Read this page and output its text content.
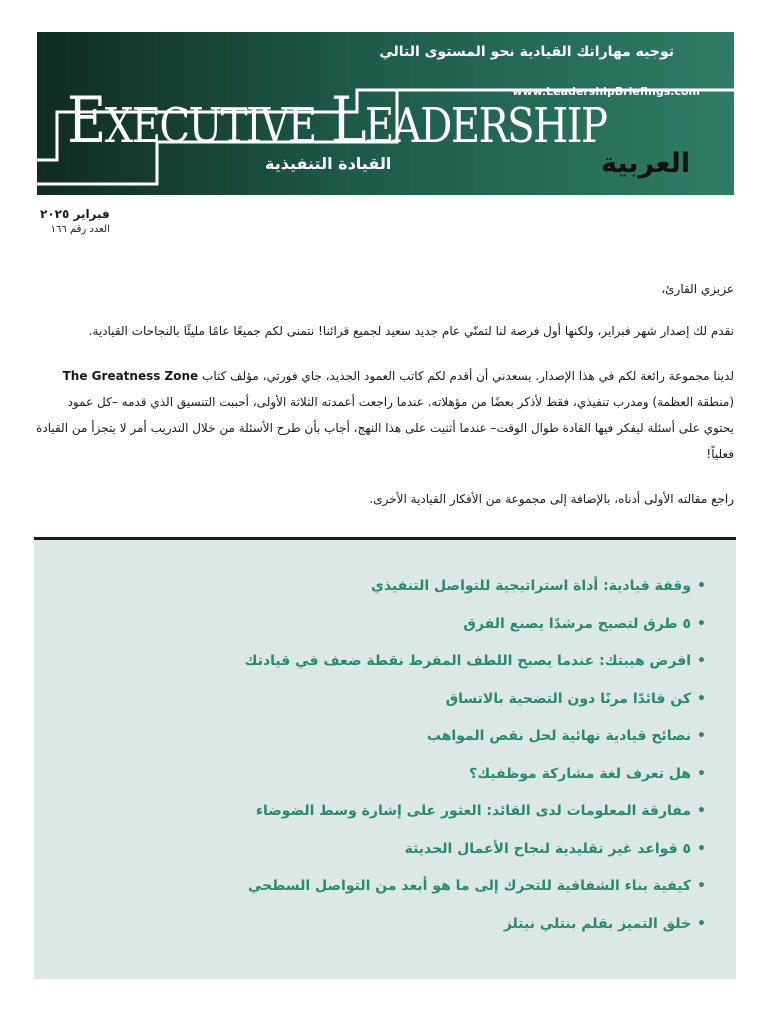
توجيه مهاراتك القيادية نحو المستوى التالي
www.LeadershipBriefings.com
EXECUTIVE LEADERSHIP
القيادة التنفيذية	العربية
فبراير ٢٠٢٥
العدد رقم ١٦٦

عزيزي القارئ،

نقدم لك إصدار شهر فبراير، ولكنها أول فرصة لنا لتمنّي عام جديد سعيد لجميع قرائنا! نتمنى لكم جميعًا عامًا مليئًا بالنجاحات القيادية.

لدينا مجموعة رائعة لكم في هذا الإصدار. يسعدني أن أقدم لكم كاتب العمود الجديد، جاي فورتي، مؤلف كتاب The Greatness Zone (منطقة العظمة) ومدرب تنفيذي، فقط لأذكر بعضًا من مؤهلاته. عندما راجعت أعمدته الثلاثة الأولى، أحببت التنسيق الذي قدمه –كل عمود يحتوي على أسئلة ليفكر فيها القادة طوال الوقت– عندما أثنيت على هذا النهج، أجاب بأن طرح الأسئلة من خلال التدريب أمر لا يتجزأ من القيادة فعلياً!

راجع مقالته الأولى أدناه، بالإضافة إلى مجموعة من الأفكار القيادية الأخرى.

•وقفة قيادية: أداة استراتيجية للتواصل التنفيذي
•٥ طرق لتصبح مرشدًا يصنع الفرق
•افرض هيبتك: عندما يصبح اللطف المفرط نقطة ضعف في قيادتك
•كن قائدًا مرنًا دون التضحية بالاتساق
•نصائح قيادية نهائية لحل نقص المواهب
•هل تعرف لغة مشاركة موظفيك؟
•مفارقة المعلومات لدى القائد: العثور على إشارة وسط الضوضاء
•٥ قواعد غير تقليدية لنجاح الأعمال الحديثة
•كيفية بناء الشفافية للتحرك إلى ما هو أبعد من التواصل السطحي
•خلق التميز بقلم بنتلي نيتلز
